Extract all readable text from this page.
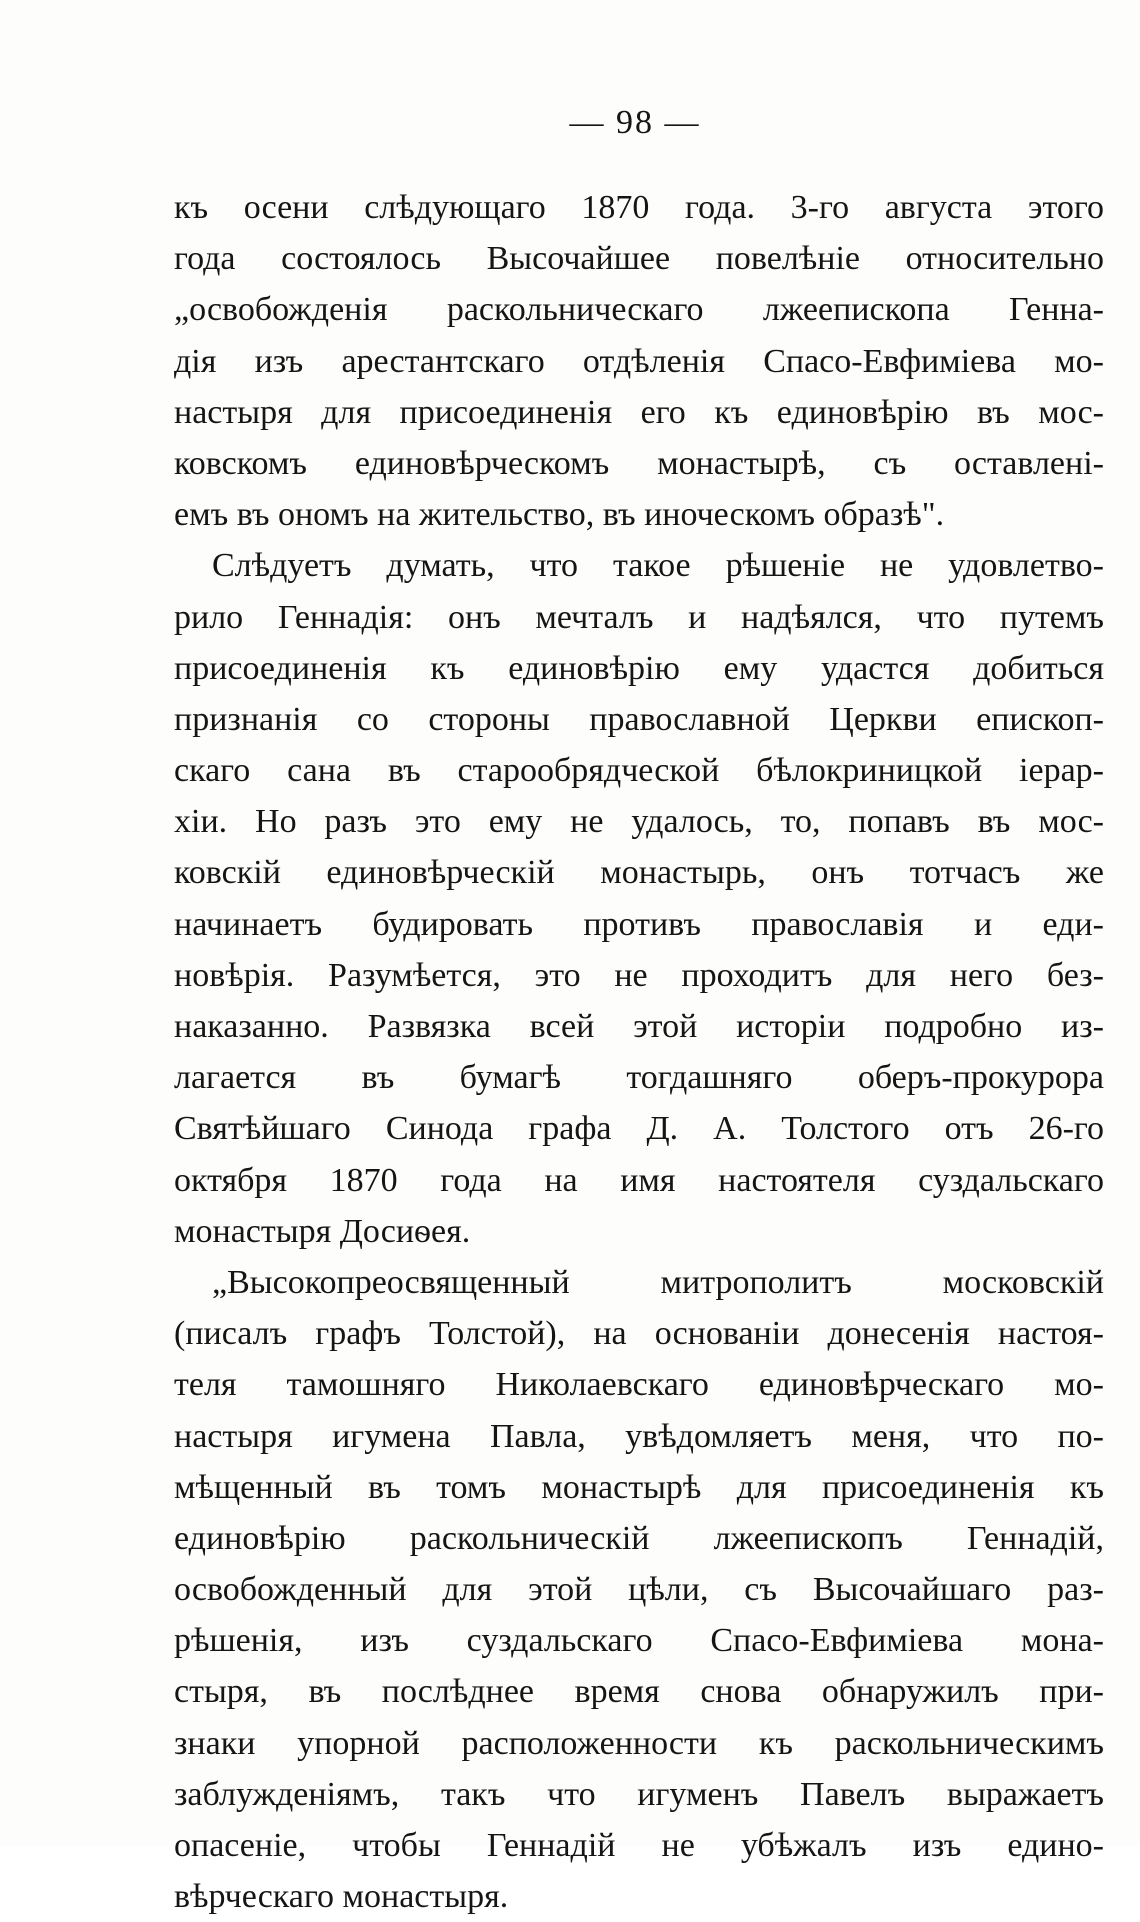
— 98 —
къ осени слѣдующаго 1870 года. 3-го августа этого
года состоялось Высочайшее повелѣніе относительно
„освобожденія раскольническаго лжеепископа Генна-
дія изъ арестантскаго отдѣленія Спасо-Евфиміева мо-
настыря для присоединенія его къ единовѣрію въ мос-
ковскомъ единовѣрческомъ монастырѣ, съ оставлені-
емъ въ ономъ на жительство, въ иноческомъ образѣ".
Слѣдуетъ думать, что такое рѣшеніе не удовлетво-
рило Геннадія: онъ мечталъ и надѣялся, что путемъ
присоединенія къ единовѣрію ему удастся добиться
признанія со стороны православной Церкви епископ-
скаго сана въ старообрядческой бѣлокриницкой іерар-
хіи. Но разъ это ему не удалось, то, попавъ въ мос-
ковскій единовѣрческій монастырь, онъ тотчасъ же
начинаетъ будировать противъ православія и еди-
новѣрія. Разумѣется, это не проходитъ для него без-
наказанно. Развязка всей этой исторіи подробно из-
лагается въ бумагѣ тогдашняго оберъ-прокурора
Святѣйшаго Синода графа Д. А. Толстого отъ 26-го
октября 1870 года на имя настоятеля суздальскаго
монастыря Досиѳея.
„Высокопреосвященный митрополитъ московскій
(писалъ графъ Толстой), на основаніи донесенія настоя-
теля тамошняго Николаевскаго единовѣрческаго мо-
настыря игумена Павла, увѣдомляетъ меня, что по-
мѣщенный въ томъ монастырѣ для присоединенія къ
единовѣрію раскольническій лжеепископъ Геннадій,
освобожденный для этой цѣли, съ Высочайшаго раз-
рѣшенія, изъ суздальскаго Спасо-Евфиміева мона-
стыря, въ послѣднее время снова обнаружилъ при-
знаки упорной расположенности къ раскольническимъ
заблужденіямъ, такъ что игуменъ Павелъ выражаетъ
опасеніе, чтобы Геннадій не убѣжалъ изъ едино-
вѣрческаго монастыря.
